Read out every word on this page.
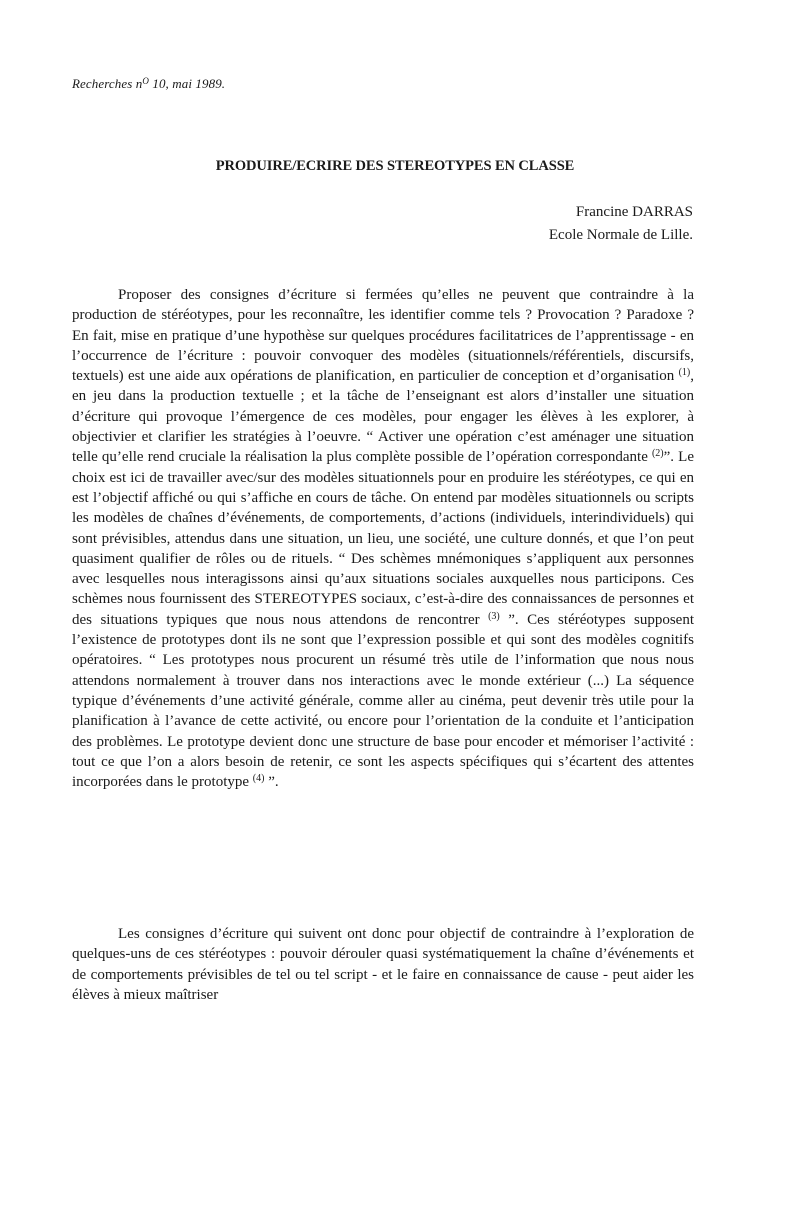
Recherches $n^O$ 10, mai 1989.
PRODUIRE/ECRIRE DES STEREOTYPES EN CLASSE
Francine DARRAS
Ecole Normale de Lille.

Proposer des consignes d’écriture si fermées qu’elles ne peuvent que contraindre à la production de stéréotypes, pour les reconnaître, les identifier comme tels ? Provocation ? Paradoxe ? En fait, mise en pratique d’une hypothèse sur quelques procédures facilitatrices de l’apprentissage - en l’occurrence de l’écriture : pouvoir convoquer des modèles (situationnels/référentiels, discursifs, textuels) est une aide aux opérations de planification, en particulier de conception et d’organisation $^{(1)}$, en jeu dans la production textuelle ; et la tâche de l’enseignant est alors d’installer une situation d’écriture qui provoque l’émergence de ces modèles, pour engager les élèves à les explorer, à objectivier et clarifier les stratégies à l’oeuvre. “ Activer une opération c’est aménager une situation telle qu’elle rend cruciale la réalisation la plus complète possible de l’opération correspondante $^{(2)}$”. Le choix est ici de travailler avec/sur des modèles situationnels pour en produire les stéréotypes, ce qui en est l’objectif affiché ou qui s’affiche en cours de tâche. On entend par modèles situationnels ou scripts les modèles de chaînes d’événements, de comportements, d’actions (individuels, interindividuels) qui sont prévisibles, attendus dans une situation, un lieu, une société, une culture donnés, et que l’on peut quasiment qualifier de rôles ou de rituels. “ Des schèmes mnémoniques s’appliquent aux personnes avec lesquelles nous interagissons ainsi qu’aux situations sociales auxquelles nous participons. Ces schèmes nous fournissent des STEREOTYPES sociaux, c’est-à-dire des connaissances de personnes et des situations typiques que nous nous attendons de rencontrer $^{(3)}$ ”. Ces stéréotypes supposent l’existence de prototypes dont ils ne sont que l’expression possible et qui sont des modèles cognitifs opératoires. “ Les prototypes nous procurent un résumé très utile de l’information que nous nous attendons normalement à trouver dans nos interactions avec le monde extérieur (...) La séquence typique d’événements d’une activité générale, comme aller au cinéma, peut devenir très utile pour la planification à l’avance de cette activité, ou encore pour l’orientation de la conduite et l’anticipation des problèmes. Le prototype devient donc une structure de base pour encoder et mémoriser l’activité : tout ce que l’on a alors besoin de retenir, ce sont les aspects spécifiques qui s’écartent des attentes incorporées dans le prototype $^{(4)}$ ”.

Les consignes d’écriture qui suivent ont donc pour objectif de contraindre à l’exploration de quelques-uns de ces stéréotypes : pouvoir dérouler quasi systématiquement la chaîne d’événements et de comportements prévisibles de tel ou tel script - et le faire en connaissance de cause - peut aider les élèves à mieux maîtriser
